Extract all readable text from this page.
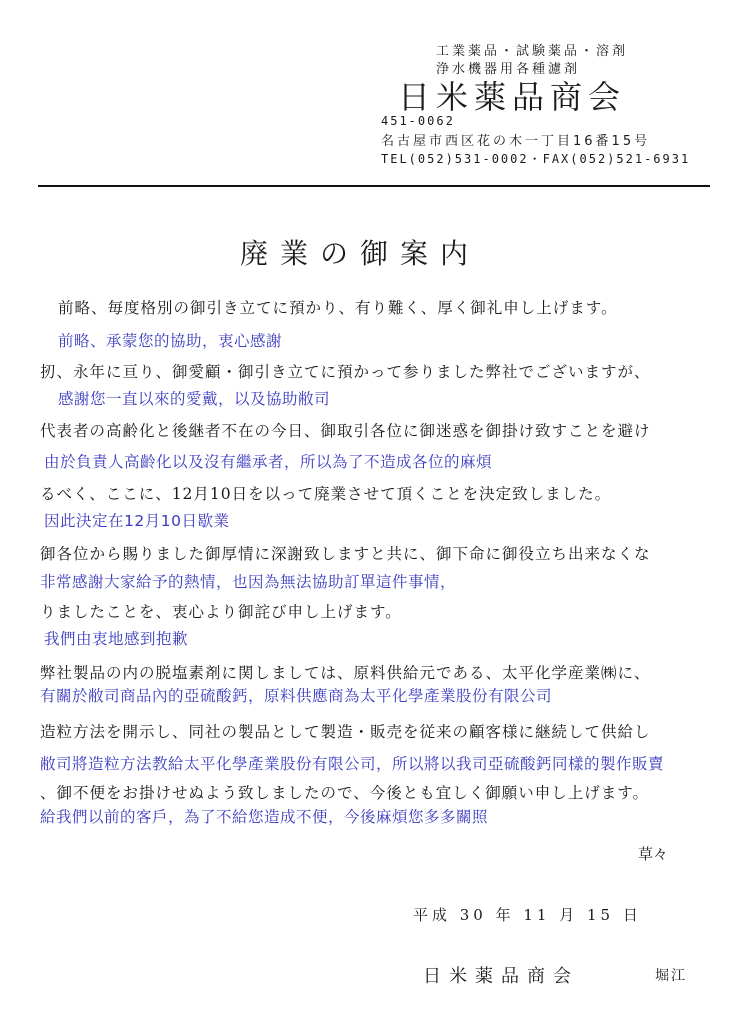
工業薬品・試験薬品・溶剤
浄水機器用各種濾剤
日米薬品商会
451-0062
名古屋市西区花の木一丁目16番15号
TEL(052)531-0002・FAX(052)521-6931
廃業の御案内
前略、毎度格別の御引き立てに預かり、有り難く、厚く御礼申し上げます。
前略、承蒙您的協助，衷心感謝
扨、永年に亘り、御愛顧・御引き立てに預かって参りました弊社でございますが、
感謝您一直以來的愛戴，以及協助敝司
代表者の高齢化と後継者不在の今日、御取引各位に御迷惑を御掛け致すことを避け
由於負責人高齡化以及沒有繼承者，所以為了不造成各位的麻煩
るべく、ここに、12月10日を以って廃業させて頂くことを決定致しました。
因此決定在12月10日歇業
御各位から賜りました御厚情に深謝致しますと共に、御下命に御役立ち出来なくな
非常感謝大家給予的熱情，也因為無法協助訂單這件事情，
りましたことを、衷心より御詫び申し上げます。
我們由衷地感到抱歉
弊社製品の内の脱塩素剤に関しましては、原料供給元である、太平化学産業㈱に、
有關於敝司商品內的亞硫酸鈣，原料供應商為太平化學產業股份有限公司
造粒方法を開示し、同社の製品として製造・販売を従来の顧客様に継続して供給し
敝司將造粒方法教給太平化學產業股份有限公司，所以將以我司亞硫酸鈣同樣的製作販賣
、御不便をお掛けせぬよう致しましたので、今後とも宜しく御願い申し上げます。
給我們以前的客戶，為了不給您造成不便，今後麻煩您多多關照
草々
平成 30 年 11 月 15 日
日米薬品商会	堀江
